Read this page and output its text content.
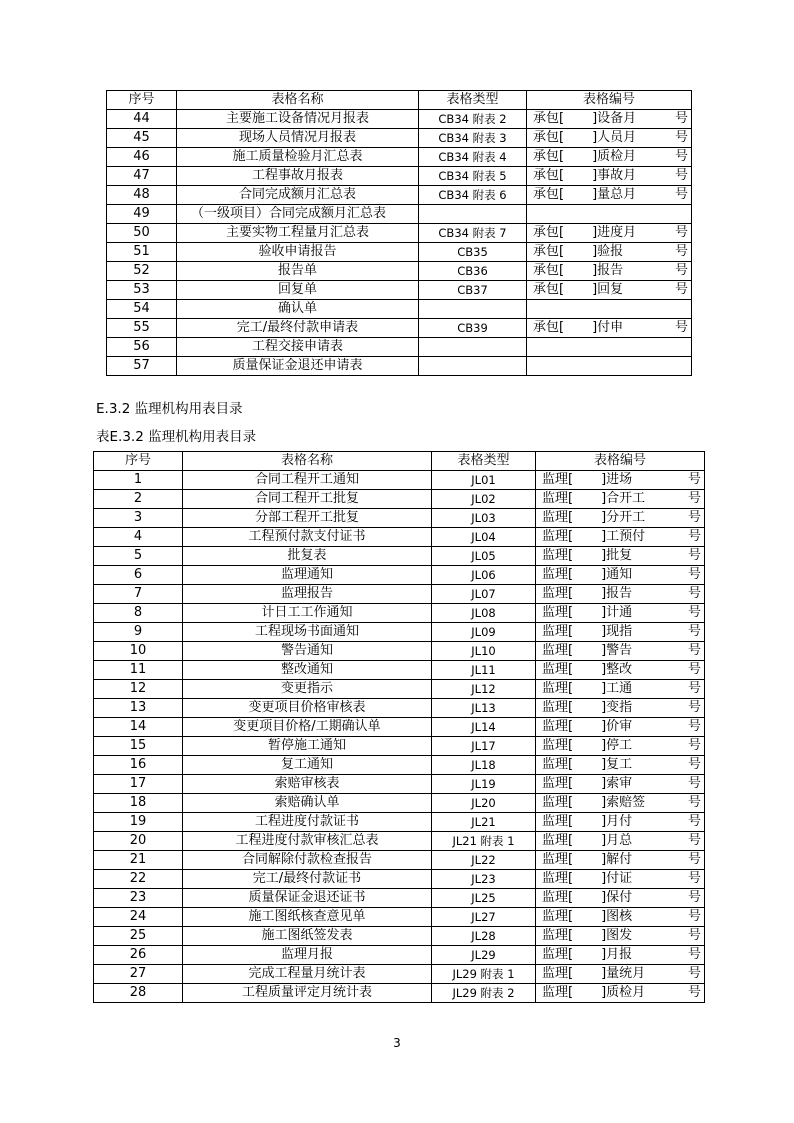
序号	表格名称	表格类型	表格编号
44	主要施工设备情况月报表	CB34 附表 2	承包[ ]设备月 号

45	现场人员情况月报表	CB34 附表 3	承包[ ]人员月 号

46	施工质量检验月汇总表	CB34 附表 4	承包[ ]质检月 号

47	工程事故月报表	CB34 附表 5	承包[ ]事故月 号

48	合同完成额月汇总表	CB34 附表 6	承包[ ]量总月 号

49	（一级项目）合同完成额月汇总表		

50	主要实物工程量月汇总表	CB34 附表 7	承包[ ]进度月 号

51	验收申请报告	CB35	承包[ ]验报 号

52	报告单	CB36	承包[ ]报告 号

53	回复单	CB37	承包[ ]回复 号

54	确认单		

55	完工/最终付款申请表	CB39	承包[ ]付申 号

56	工程交接申请表		

57	质量保证金退还申请表		
E.3.2 监理机构用表目录
表E.3.2 监理机构用表目录
序号	表格名称	表格类型	表格编号
1	合同工程开工通知	JL01	监理[ ]进场 号

2	合同工程开工批复	JL02	监理[ ]合开工 号

3	分部工程开工批复	JL03	监理[ ]分开工 号

4	工程预付款支付证书	JL04	监理[ ]工预付 号

5	批复表	JL05	监理[ ]批复 号

6	监理通知	JL06	监理[ ]通知 号

7	监理报告	JL07	监理[ ]报告 号

8	计日工工作通知	JL08	监理[ ]计通 号

9	工程现场书面通知	JL09	监理[ ]现指 号

10	警告通知	JL10	监理[ ]警告 号

11	整改通知	JL11	监理[ ]整改 号

12	变更指示	JL12	监理[ ]工通 号

13	变更项目价格审核表	JL13	监理[ ]变指 号

14	变更项目价格/工期确认单	JL14	监理[ ]价审 号

15	暂停施工通知	JL17	监理[ ]停工 号

16	复工通知	JL18	监理[ ]复工 号

17	索赔审核表	JL19	监理[ ]索审 号

18	索赔确认单	JL20	监理[ ]索赔签 号

19	工程进度付款证书	JL21	监理[ ]月付 号

20	工程进度付款审核汇总表	JL21 附表 1	监理[ ]月总 号

21	合同解除付款检查报告	JL22	监理[ ]解付 号

22	完工/最终付款证书	JL23	监理[ ]付证 号

23	质量保证金退还证书	JL25	监理[ ]保付 号

24	施工图纸核查意见单	JL27	监理[ ]图核 号

25	施工图纸签发表	JL28	监理[ ]图发 号

26	监理月报	JL29	监理[ ]月报 号

27	完成工程量月统计表	JL29 附表 1	监理[ ]量统月 号

28	工程质量评定月统计表	JL29 附表 2	监理[ ]质检月 号
3
